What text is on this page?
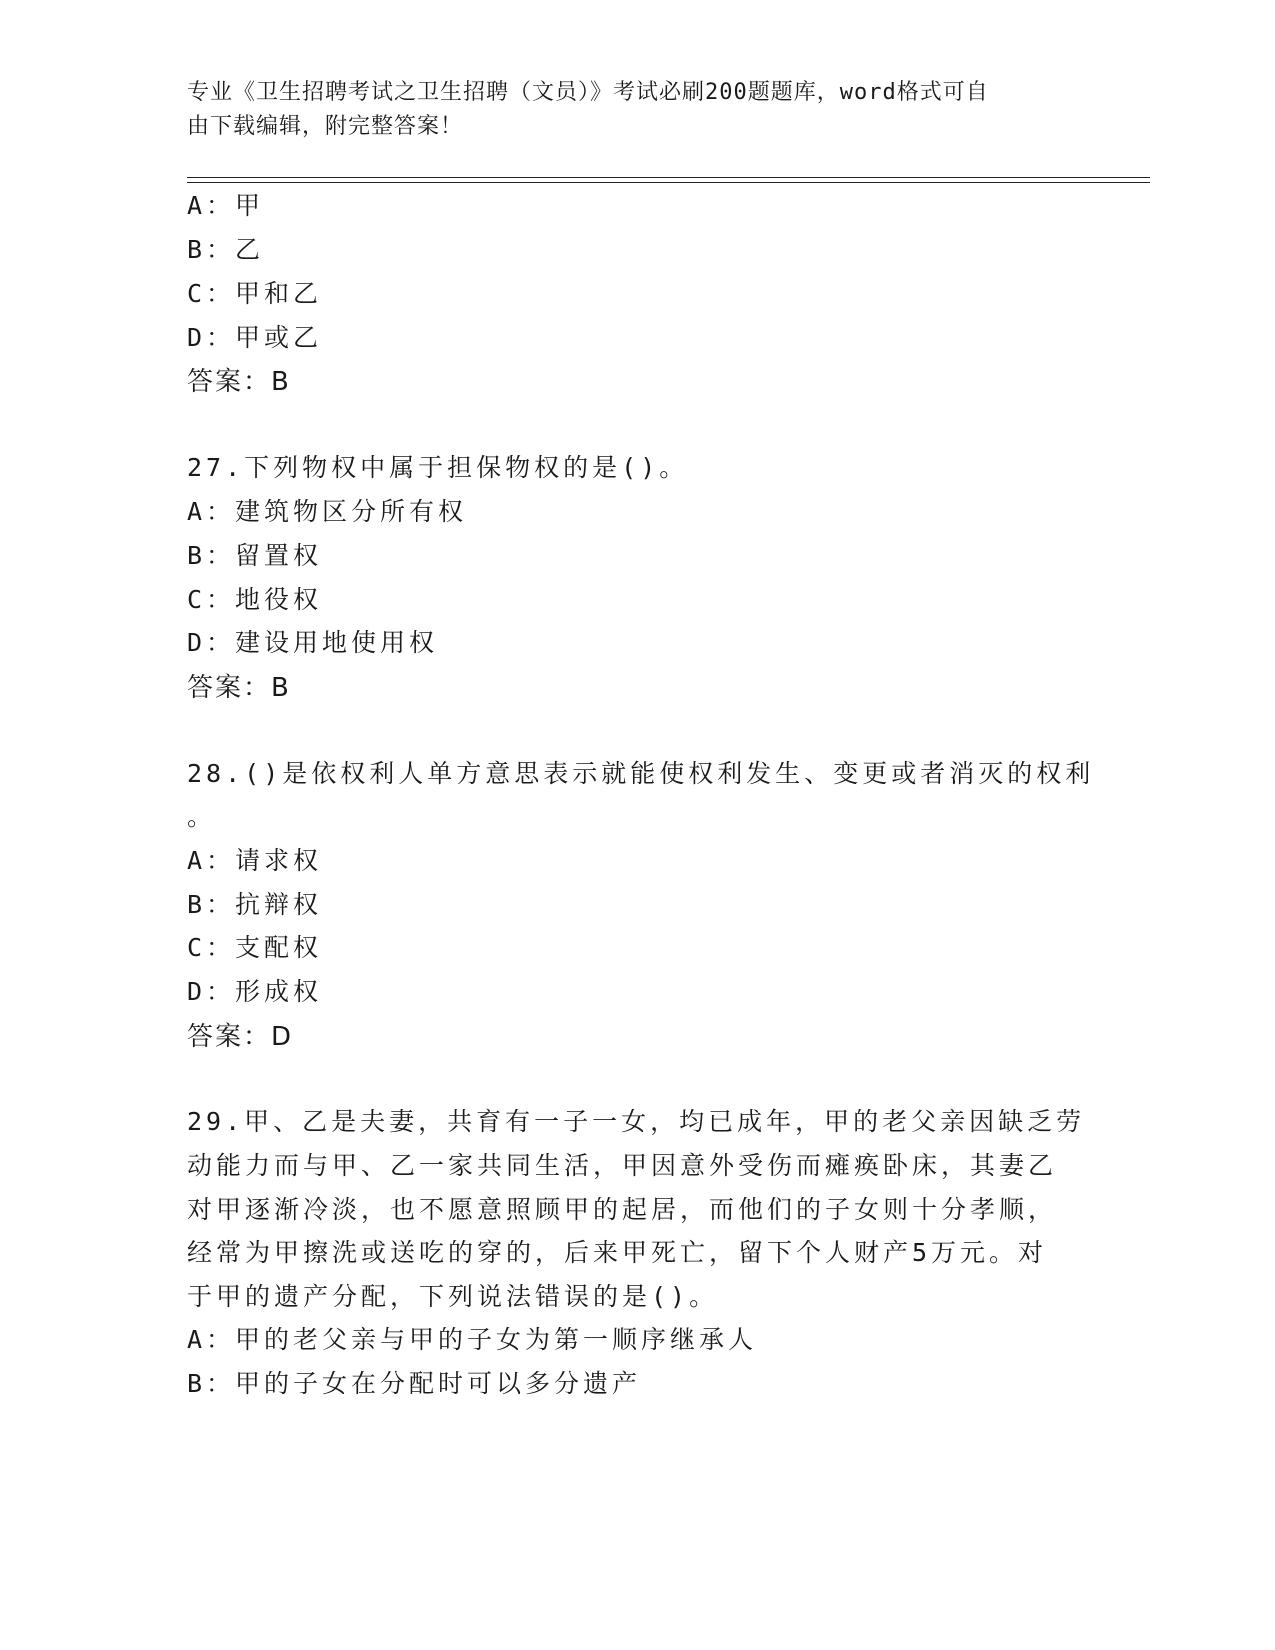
专业《卫生招聘考试之卫生招聘（文员）》考试必刷200题题库，word格式可自
由下载编辑，附完整答案！
A：甲
B：乙
C：甲和乙
D：甲或乙
答案：B
27.下列物权中属于担保物权的是()。
A：建筑物区分所有权
B：留置权
C：地役权
D：建设用地使用权
答案：B
28.()是依权利人单方意思表示就能使权利发生、变更或者消灭的权利
。
A：请求权
B：抗辩权
C：支配权
D：形成权
答案：D
29.甲、乙是夫妻，共育有一子一女，均已成年，甲的老父亲因缺乏劳
动能力而与甲、乙一家共同生活，甲因意外受伤而瘫痪卧床，其妻乙
对甲逐渐冷淡，也不愿意照顾甲的起居，而他们的子女则十分孝顺，
经常为甲擦洗或送吃的穿的，后来甲死亡，留下个人财产5万元。对
于甲的遗产分配，下列说法错误的是()。
A：甲的老父亲与甲的子女为第一顺序继承人
B：甲的子女在分配时可以多分遗产
